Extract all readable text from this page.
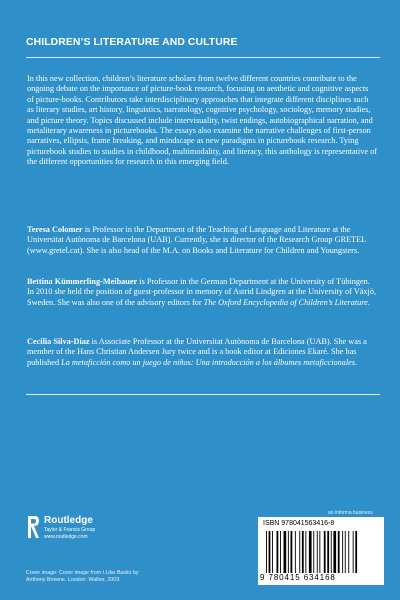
CHILDREN’S LITERATURE AND CULTURE
In this new collection, children’s literature scholars from twelve different countries contribute to the ongoing debate on the importance of picture-book research, focusing on aesthetic and cognitive aspects of picture-books. Contributors take interdisciplinary approaches that integrate different disciplines such as literary studies, art history, linguistics, narratology, cognitive psychology, sociology, memory studies, and picture theory. Topics discussed include intervisuality, twist endings, autobiographical narration, and metaliterary awareness in picturebooks. The essays also examine the narrative challenges of first-person narratives, ellipsis, frame breaking, and mindscape as new paradigms in picturebook research. Tying picturebook studies to studies in childhood, multimodality, and literacy, this anthology is representative of the different opportunities for research in this emerging field.
Teresa Colomer is Professor in the Department of the Teaching of Language and Literature at the Universitat Autònoma de Barcelona (UAB). Currently, she is director of the Research Group GRETEL (www.gretel.cat). She is also head of the M.A. on Books and Literature for Children and Youngsters.
Bettina Kümmerling-Meibauer is Professor in the German Department at the University of Tübingen. In 2010 she held the position of guest-professor in memory of Astrid Lindgren at the University of Växjö, Sweden. She was also one of the advisory editors for The Oxford Encyclopedia of Children’s Literature.
Cecilia Silva-Díaz is Associate Professor at the Universitat Autònoma de Barcelona (UAB). She was a member of the Hans Christian Andersen Jury twice and is a book editor at Ediciones Ekaré. She has published La metaficción como un juego de niños: Una introducción a los álbumes metaficcionales.
an informa business
Routledge
Taylor & Francis Group
www.routledge.com
Cover image: Cover image from I Like Books by Anthony Browne. London: Walker, 2003.
ISBN 978041563416-8
9 780415 634168
